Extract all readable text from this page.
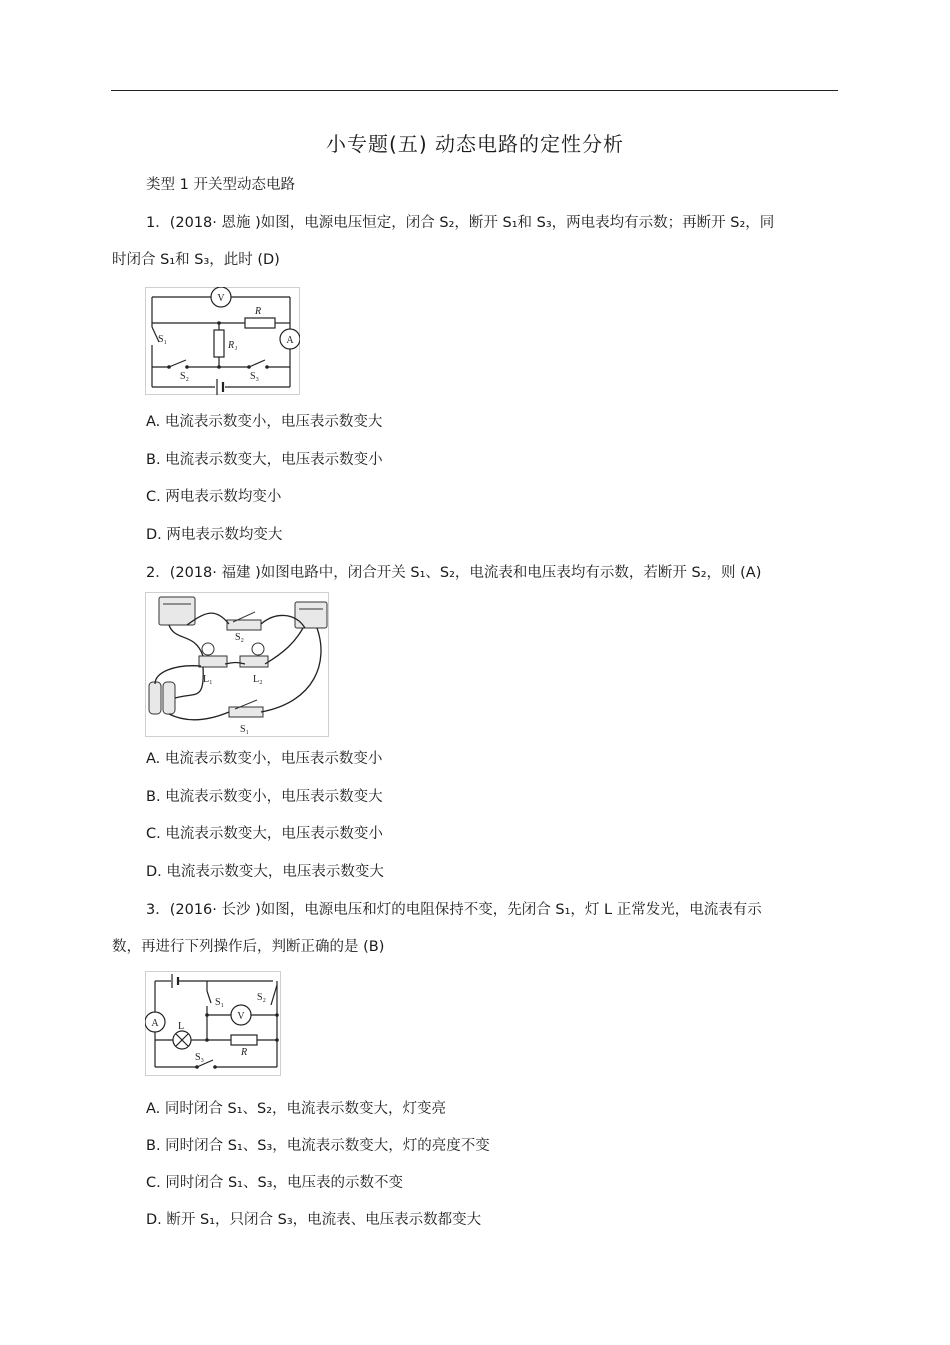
小专题(五) 动态电路的定性分析
类型 1 开关型动态电路
1．(2018· 恩施 )如图，电源电压恒定，闭合 S₂，断开 S₁和 S₃，两电表均有示数；再断开 S₂，同
时闭合 S₁和 S₃，此时 (D)
V
A
R
R₁
S₁
S₂	S₃
A. 电流表示数变小，电压表示数变大
B. 电流表示数变大，电压表示数变小
C. 两电表示数均变小
D. 两电表示数均变大
2．(2018· 福建 )如图电路中，闭合开关 S₁、S₂，电流表和电压表均有示数，若断开 S₂，则 (A)
S₂
L₁	L₂
S₁
A. 电流表示数变小，电压表示数变小
B. 电流表示数变小，电压表示数变大
C. 电流表示数变大，电压表示数变小
D. 电流表示数变大，电压表示数变大
3．(2016· 长沙 )如图，电源电压和灯的电阻保持不变，先闭合 S₁，灯 L 正常发光，电流表有示
数，再进行下列操作后，判断正确的是 (B)
A
V
S₁	S₂
S₃
L
R
A. 同时闭合 S₁、S₂，电流表示数变大，灯变亮
B. 同时闭合 S₁、S₃，电流表示数变大，灯的亮度不变
C. 同时闭合 S₁、S₃，电压表的示数不变
D. 断开 S₁，只闭合 S₃，电流表、电压表示数都变大
